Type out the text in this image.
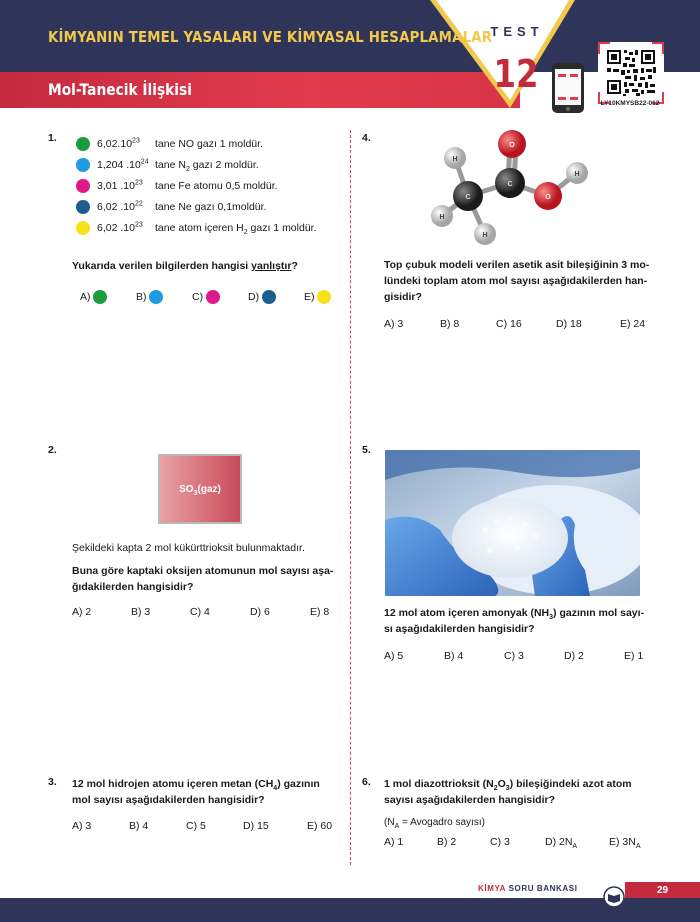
KİMYANIN TEMEL YASALARI VE KİMYASAL HESAPLAMALAR
Mol-Tanecik İlişkisi
TEST
12
LY10KMYSB22-012
1.	6,02.10$^{23}$	tane NO gazı 1 moldür.
1,204 $.10^{24}$ tane $N_2$ gazı 2 moldür.
3,01 $.10^{23}$	tane Fe atomu 0,5 moldür.
6,02 $.10^{22}$	tane Ne gazı 0,1moldür.
6,02 $.10^{23}$	tane atom içeren $H_2$ gazı 1 moldür.
Yukarıda verilen bilgilerden hangisi yanlıştır?
A)
	B)
	C)
	D)
	E)

2.
$SO_3(gaz)$
Şekildeki kapta 2 mol kükürttrioksit bulunmaktadır.
Buna göre kaptaki oksijen atomunun mol sayısı aşa-
ğıdakilerden hangisidir?
A) 2	B) 3	C) 4	D) 6	E) 8
3. 12 mol hidrojen atomu içeren metan $(CH_4)$ gazının
mol sayısı aşağıdakilerden hangisidir?
A) 3	B) 4	C) 5	D) 15	E) 60
4.
H
H
H
H
C
C
O
O
Top çubuk modeli verilen asetik asit bileşiğinin 3 mo-
lündeki toplam atom mol sayısı aşağıdakilerden han-
gisidir?
A) 3	B) 8	C) 16	D) 18	E) 24
5.
12 mol atom içeren amonyak $(NH_3)$ gazının mol sayı-
sı aşağıdakilerden hangisidir?
A) 5	B) 4	C) 3	D) 2	E) 1
6. 1 mol diazottrioksit $(N_2O_3)$ bileşiğindeki azot atom
sayısı aşağıdakilerden hangisidir?
($N_A$ = Avogadro sayısı)
A) 1	B) 2	C) 3	D) $2N_A$	E) $3N_A$
KİMYA SORU BANKASI	29
